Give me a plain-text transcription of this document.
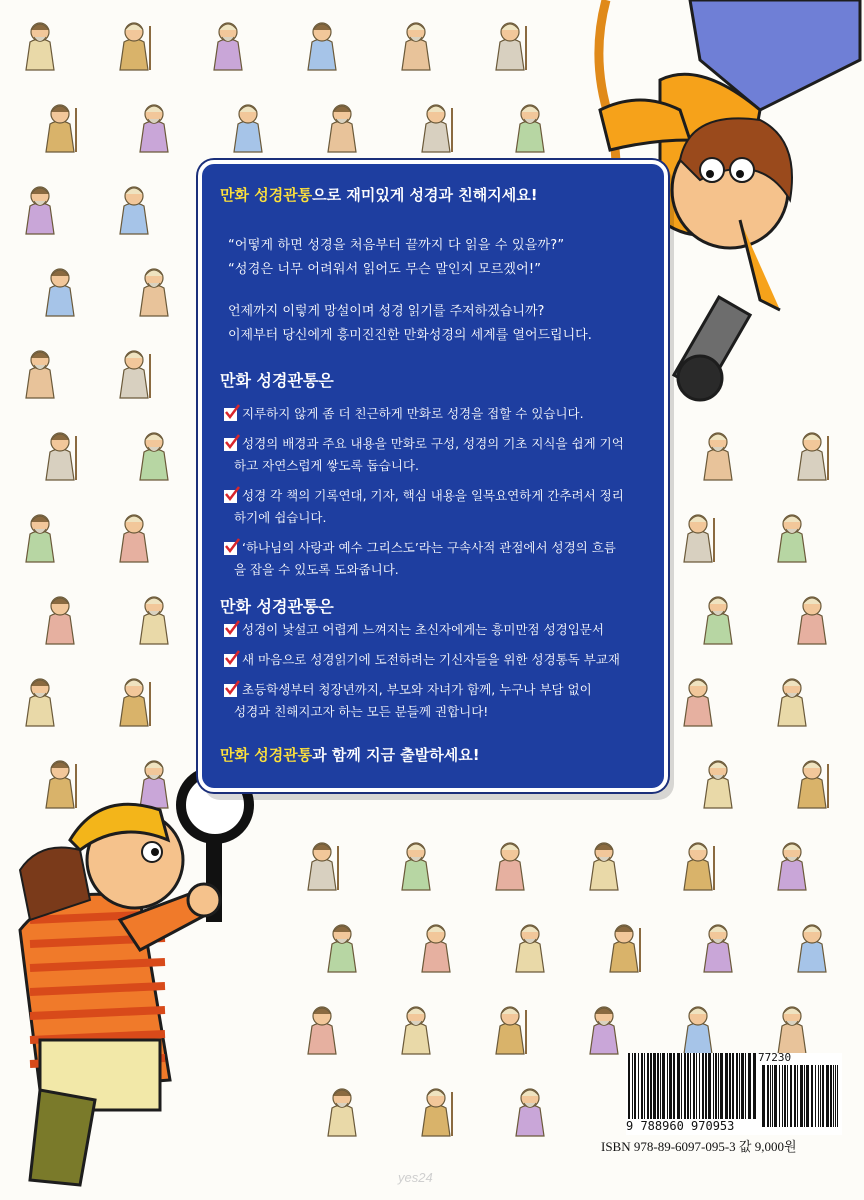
만화 성경관통으로 재미있게 성경과 친해지세요!
“어떻게 하면 성경을 처음부터 끝까지 다 읽을 수 있을까?”
“성경은 너무 어려워서 읽어도 무슨 말인지 모르겠어!”
언제까지 이렇게 망설이며 성경 읽기를 주저하겠습니까?
이제부터 당신에게 흥미진진한 만화성경의 세계를 열어드립니다.
만화 성경관통은
지루하지 않게 좀 더 친근하게 만화로 성경을 접할 수 있습니다.
성경의 배경과 주요 내용을 만화로 구성, 성경의 기초 지식을 쉽게 기억
하고 자연스럽게 쌓도록 돕습니다.
성경 각 책의 기록연대, 기자, 핵심 내용을 일목요연하게 간추려서 정리
하기에 쉽습니다.
‘하나님의 사랑과 예수 그리스도’라는 구속사적 관점에서 성경의 흐름
을 잡을 수 있도록 도와줍니다.
만화 성경관통은
성경이 낯설고 어렵게 느껴지는 초신자에게는 흥미만점 성경입문서
새 마음으로 성경읽기에 도전하려는 기신자들을 위한 성경통독 부교재
초등학생부터 청장년까지, 부모와 자녀가 함께, 누구나 부담 없이
성경과 친해지고자 하는 모든 분들께 권합니다!
만화 성경관통과 함께 지금 출발하세요!
77230
9 788960 970953
ISBN 978-89-6097-095-3 값 9,000원
yes24
